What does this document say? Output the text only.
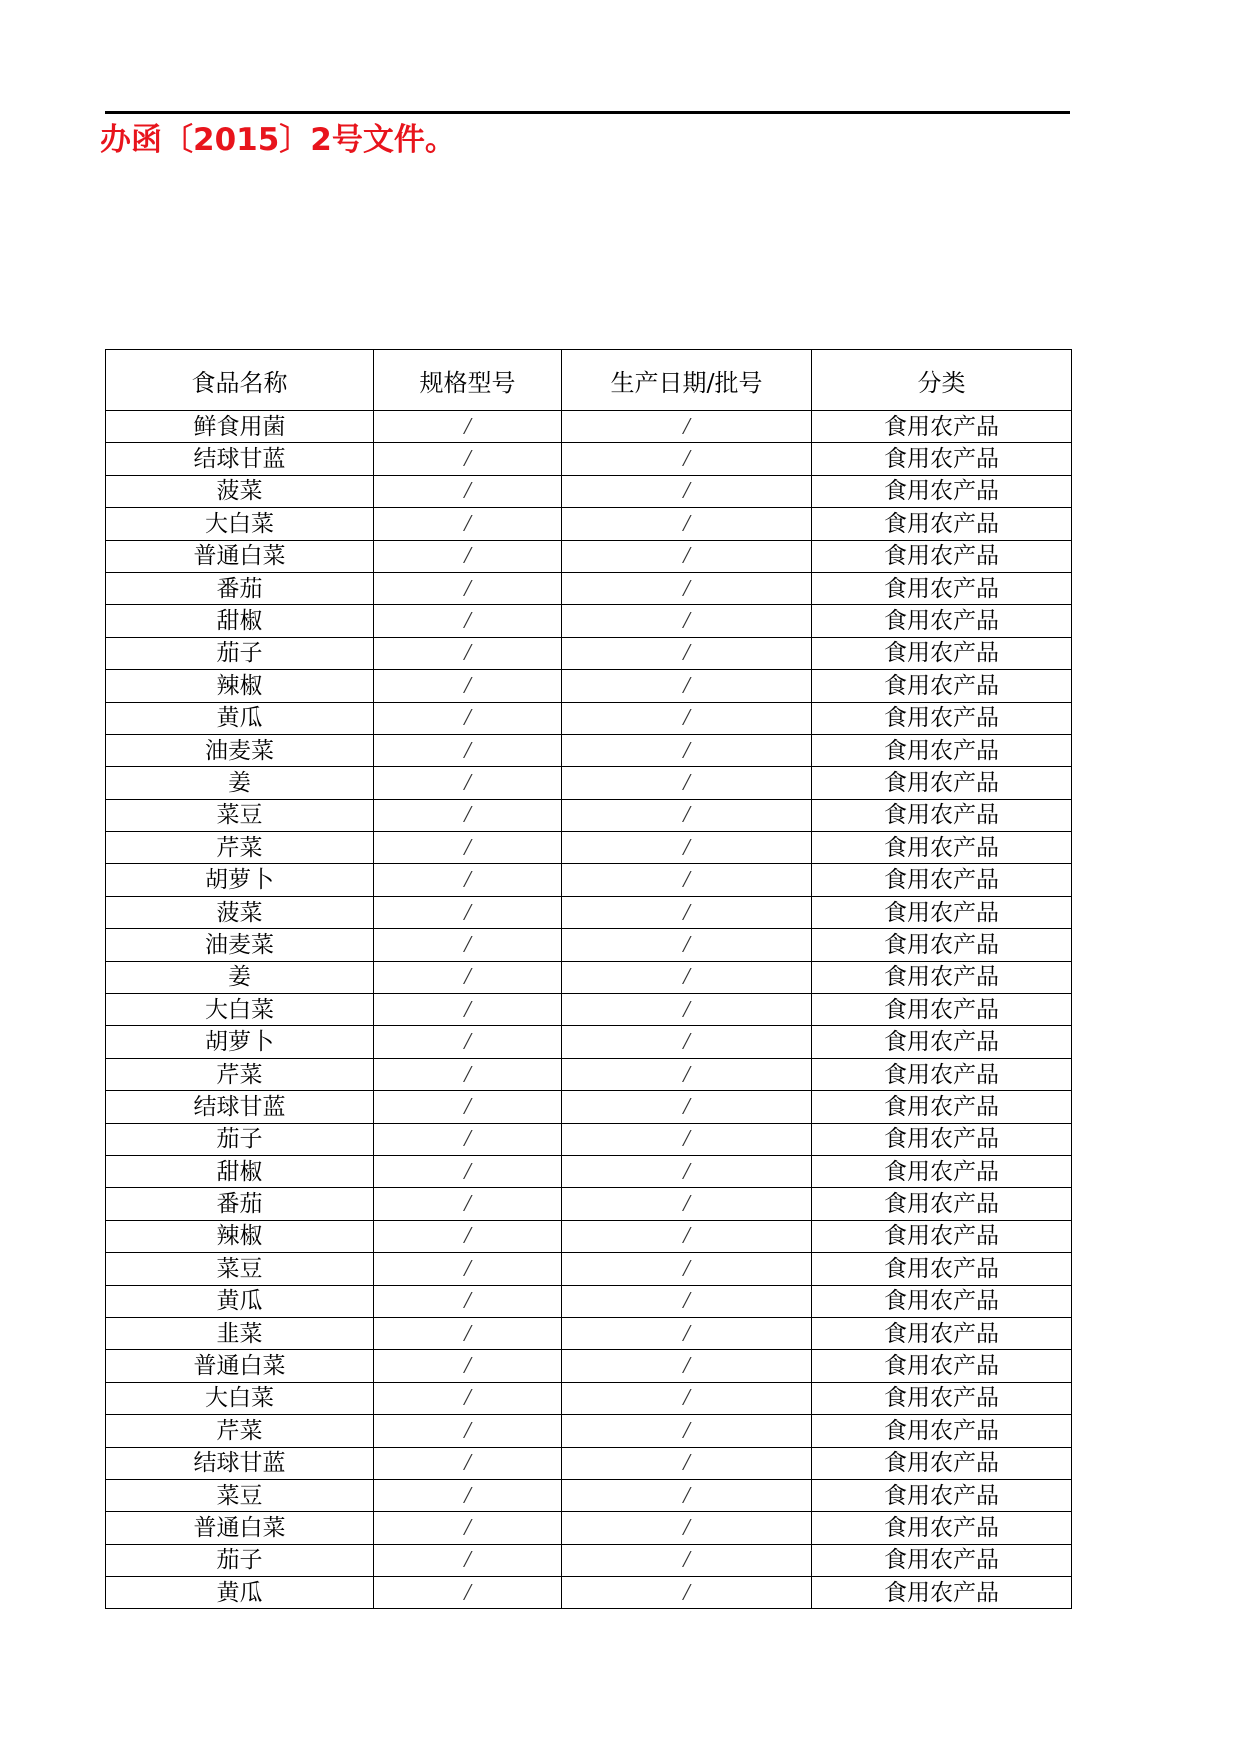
办函〔2015〕2号文件。
食品名称	规格型号	生产日期/批号	分类
鲜食用菌	/	/	食用农产品
结球甘蓝	/	/	食用农产品
菠菜	/	/	食用农产品
大白菜	/	/	食用农产品
普通白菜	/	/	食用农产品
番茄	/	/	食用农产品
甜椒	/	/	食用农产品
茄子	/	/	食用农产品
辣椒	/	/	食用农产品
黄瓜	/	/	食用农产品
油麦菜	/	/	食用农产品
姜	/	/	食用农产品
菜豆	/	/	食用农产品
芹菜	/	/	食用农产品
胡萝卜	/	/	食用农产品
菠菜	/	/	食用农产品
油麦菜	/	/	食用农产品
姜	/	/	食用农产品
大白菜	/	/	食用农产品
胡萝卜	/	/	食用农产品
芹菜	/	/	食用农产品
结球甘蓝	/	/	食用农产品
茄子	/	/	食用农产品
甜椒	/	/	食用农产品
番茄	/	/	食用农产品
辣椒	/	/	食用农产品
菜豆	/	/	食用农产品
黄瓜	/	/	食用农产品
韭菜	/	/	食用农产品
普通白菜	/	/	食用农产品
大白菜	/	/	食用农产品
芹菜	/	/	食用农产品
结球甘蓝	/	/	食用农产品
菜豆	/	/	食用农产品
普通白菜	/	/	食用农产品
茄子	/	/	食用农产品
黄瓜	/	/	食用农产品
